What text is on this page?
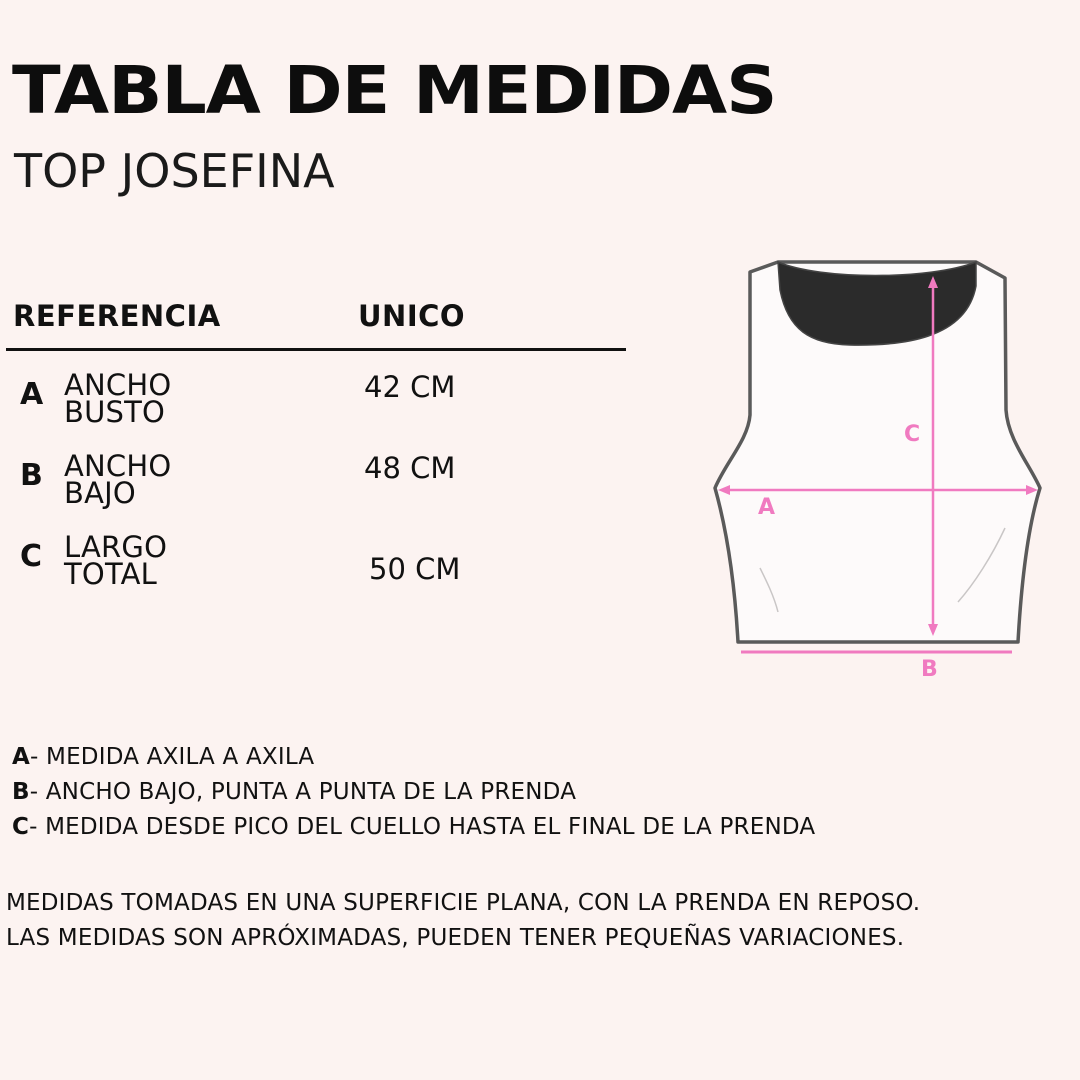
TABLA DE MEDIDAS
TOP JOSEFINA
REFERENCIA	UNICO
A ANCHO
BUSTO
42 CM
B ANCHO
BAJO
48 CM
C LARGO
TOTAL	50 CM
C
A
B
A- MEDIDA AXILA A AXILA
B- ANCHO BAJO, PUNTA A PUNTA DE LA PRENDA
C- MEDIDA DESDE PICO DEL CUELLO HASTA EL FINAL DE LA PRENDA
MEDIDAS TOMADAS EN UNA SUPERFICIE PLANA, CON LA PRENDA EN REPOSO.
LAS MEDIDAS SON APRÓXIMADAS, PUEDEN TENER PEQUEÑAS VARIACIONES.
